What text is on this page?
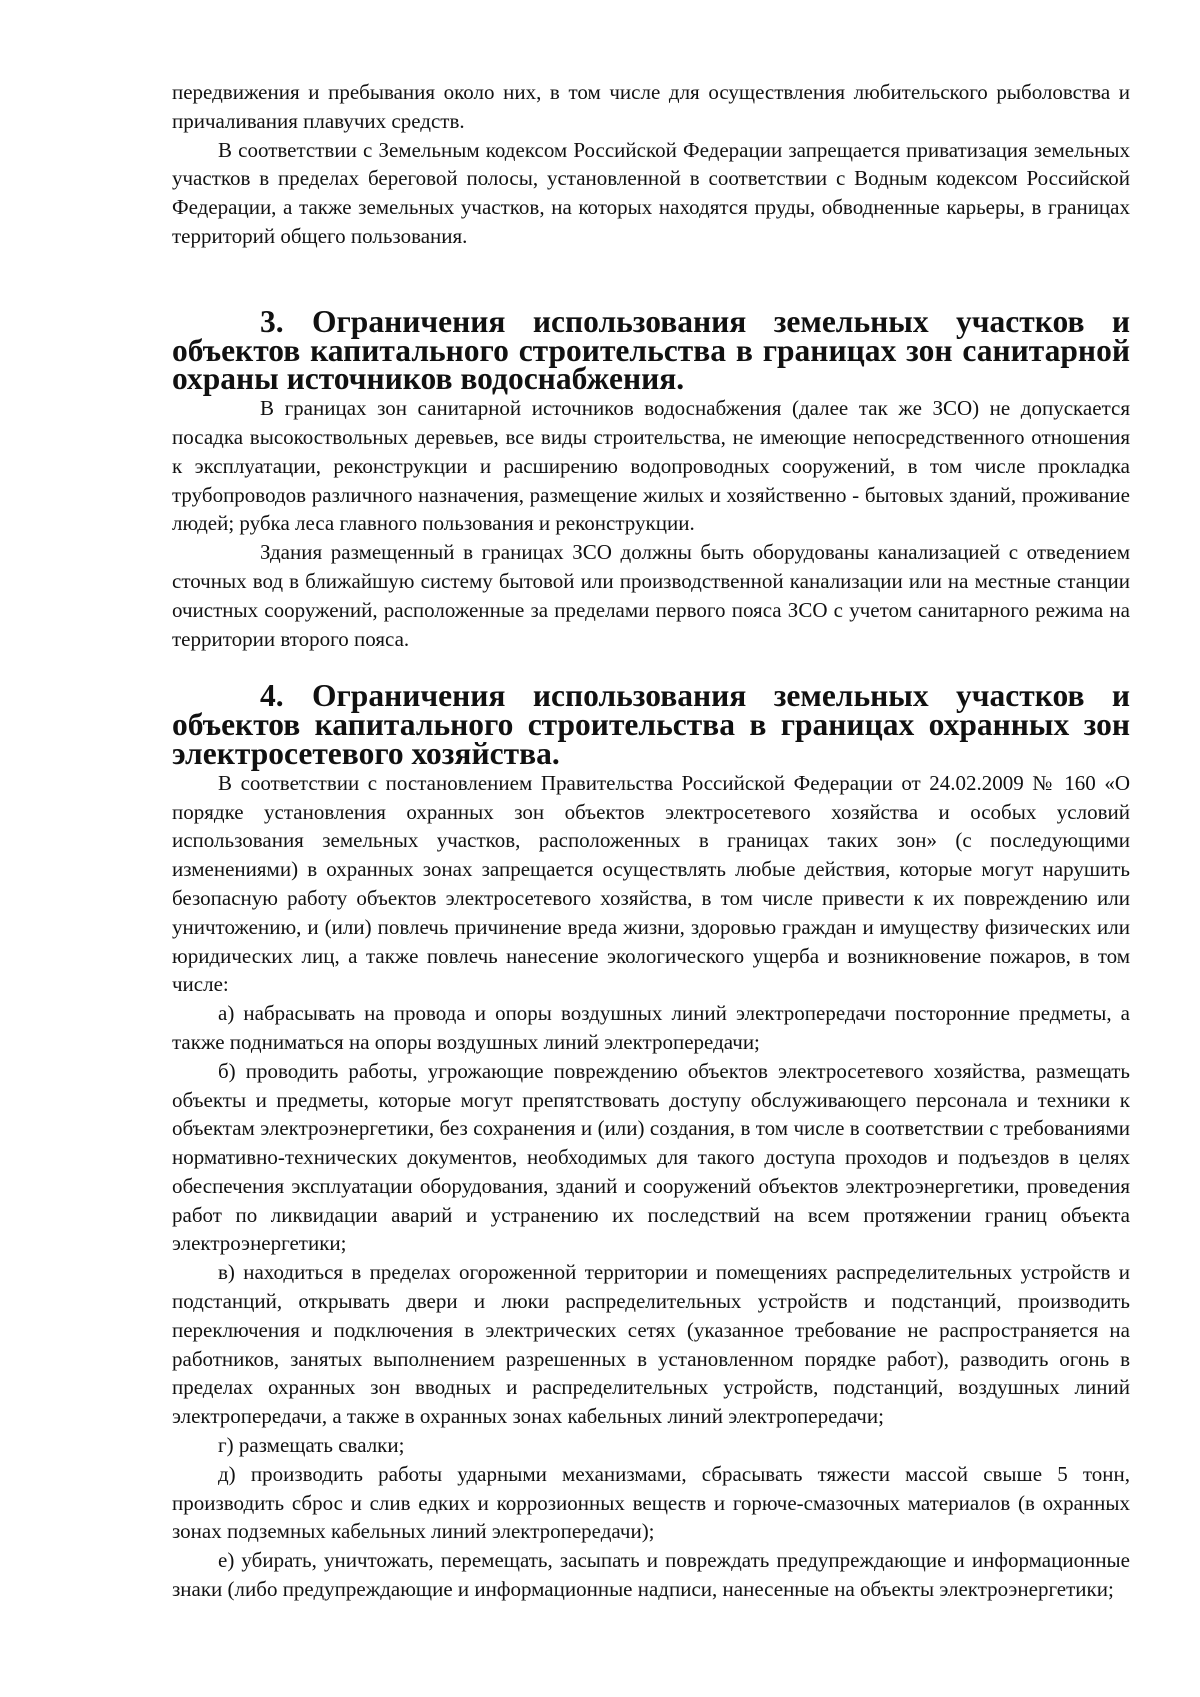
передвижения и пребывания около них, в том числе для осуществления любительского рыболовства и причаливания плавучих средств.

В соответствии с Земельным кодексом Российской Федерации запрещается приватизация земельных участков в пределах береговой полосы, установленной в соответствии с Водным кодексом Российской Федерации, а также земельных участков, на которых находятся пруды, обводненные карьеры, в границах территорий общего пользования.

3. Ограничения использования земельных участков и объектов капитального строительства в границах зон санитарной охраны источников водоснабжения.

В границах зон санитарной источников водоснабжения (далее так же ЗСО) не допускается посадка высокоствольных деревьев, все виды строительства, не имеющие непосредственного отношения к эксплуатации, реконструкции и расширению водопроводных сооружений, в том числе прокладка трубопроводов различного назначения, размещение жилых и хозяйственно - бытовых зданий, проживание людей; рубка леса главного пользования и реконструкции.

Здания размещенный в границах ЗСО должны быть оборудованы канализацией с отведением сточных вод в ближайшую систему бытовой или производственной канализации или на местные станции очистных сооружений, расположенные за пределами первого пояса ЗСО с учетом санитарного режима на территории второго пояса.

4. Ограничения использования земельных участков и объектов капитального строительства в границах охранных зон электросетевого хозяйства.

В соответствии с постановлением Правительства Российской Федерации от 24.02.2009 № 160 «О порядке установления охранных зон объектов электросетевого хозяйства и особых условий использования земельных участков, расположенных в границах таких зон» (с последующими изменениями) в охранных зонах запрещается осуществлять любые действия, которые могут нарушить безопасную работу объектов электросетевого хозяйства, в том числе привести к их повреждению или уничтожению, и (или) повлечь причинение вреда жизни, здоровью граждан и имуществу физических или юридических лиц, а также повлечь нанесение экологического ущерба и возникновение пожаров, в том числе:

а) набрасывать на провода и опоры воздушных линий электропередачи посторонние предметы, а также подниматься на опоры воздушных линий электропередачи;

б) проводить работы, угрожающие повреждению объектов электросетевого хозяйства, размещать объекты и предметы, которые могут препятствовать доступу обслуживающего персонала и техники к объектам электроэнергетики, без сохранения и (или) создания, в том числе в соответствии с требованиями нормативно-технических документов, необходимых для такого доступа проходов и подъездов в целях обеспечения эксплуатации оборудования, зданий и сооружений объектов электроэнергетики, проведения работ по ликвидации аварий и устранению их последствий на всем протяжении границ объекта электроэнергетики;

в) находиться в пределах огороженной территории и помещениях распределительных устройств и подстанций, открывать двери и люки распределительных устройств и подстанций, производить переключения и подключения в электрических сетях (указанное требование не распространяется на работников, занятых выполнением разрешенных в установленном порядке работ), разводить огонь в пределах охранных зон вводных и распределительных устройств, подстанций, воздушных линий электропередачи, а также в охранных зонах кабельных линий электропередачи;

г) размещать свалки;

д) производить работы ударными механизмами, сбрасывать тяжести массой свыше 5 тонн, производить сброс и слив едких и коррозионных веществ и горюче-смазочных материалов (в охранных зонах подземных кабельных линий электропередачи);

е) убирать, уничтожать, перемещать, засыпать и повреждать предупреждающие и информационные знаки (либо предупреждающие и информационные надписи, нанесенные на объекты электроэнергетики;
